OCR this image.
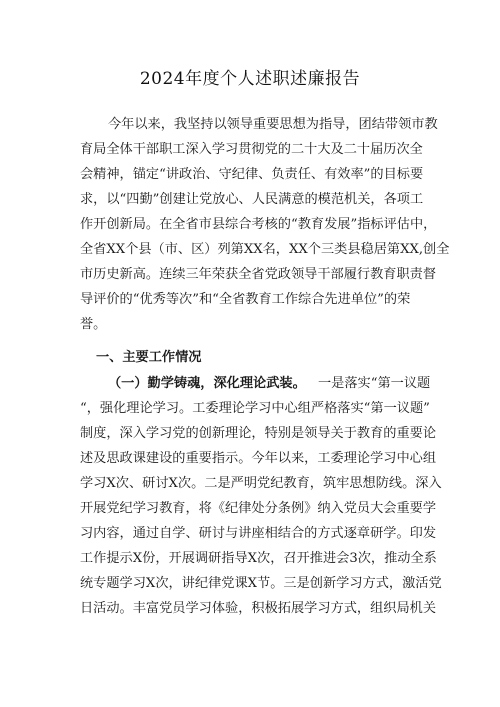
2024年度个人述职述廉报告
今年以来，我坚持以领导重要思想为指导，团结带领市教
育局全体干部职工深入学习贯彻党的二十大及二十届历次全
会精神，锚定“讲政治、守纪律、负责任、有效率”的目标要
求，以“四勤”创建让党放心、人民满意的模范机关，各项工
作开创新局。在全省市县综合考核的“教育发展”指标评估中，
全省XX个县（市、区）列第XX名，XX个三类县稳居第XX,创全
市历史新高。连续三年荣获全省党政领导干部履行教育职责督
导评价的“优秀等次”和“全省教育工作综合先进单位”的荣
誉。
一、主要工作情况
（一）勤学铸魂，深化理论武装。 一是落实“第一议题
“，强化理论学习。工委理论学习中心组严格落实“第一议题”
制度，深入学习党的创新理论，特别是领导关于教育的重要论
述及思政课建设的重要指示。今年以来，工委理论学习中心组
学习X次、研讨X次。二是严明党纪教育，筑牢思想防线。深入
开展党纪学习教育，将《纪律处分条例》纳入党员大会重要学
习内容，通过自学、研讨与讲座相结合的方式逐章研学。印发
工作提示X份，开展调研指导X次，召开推进会3次，推动全系
统专题学习X次，讲纪律党课X节。三是创新学习方式，激活党
日活动。丰富党员学习体验，积极拓展学习方式，组织局机关
